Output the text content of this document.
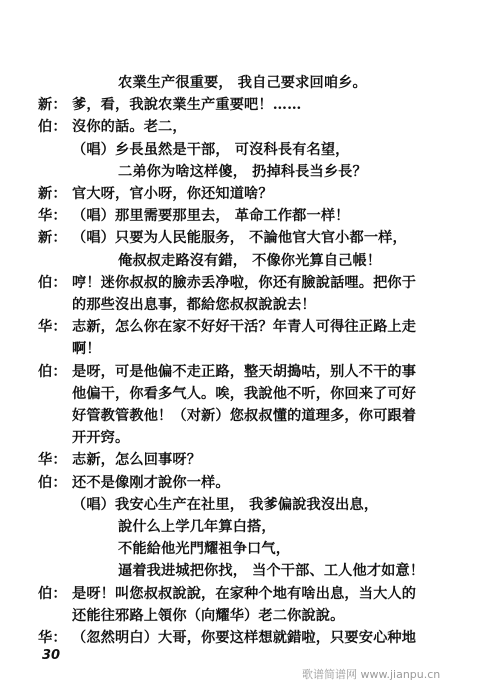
农業生产很重要， 我自己要求回咱乡。
新： 爹，看，我說农業生产重要吧！……
伯： 沒你的話。老二，
（唱）乡長虽然是干部， 可沒科長有名望，
二弟你为啥这样傻， 扔掉科長当乡長？
新： 官大呀，官小呀，你还知道啥？
华： （唱）那里需要那里去， 革命工作都一样！
新： （唱）只要为人民能服务， 不論他官大官小都一样，
俺叔叔走路沒有錯， 不像你光算自己帳！
伯： 哼！迷你叔叔的臉赤丢净啦，你还有臉說話哩。把你于
的那些沒出息事，都給您叔叔說說去！
华： 志新，怎么你在家不好好干活？年青人可得往正路上走
啊！
伯： 是呀，可是他偏不走正路，整天胡搗咕，别人不干的事
他偏干，你看多气人。唉，我說他不听，你回来了可好
好管教管教他！（对新）您叔叔懂的道理多，你可跟着
开开窍。
华： 志新，怎么回事呀？
伯： 还不是像刚才說你一样。
（唱）我安心生产在社里， 我爹偏說我沒出息，
說什么上学几年算白搭，
不能給他光門耀祖争口气，
逼着我进城把你找， 当个干部、工人他才如意！
伯： 是呀！叫您叔叔說說，在家种个地有啥出息，当大人的
还能往邪路上領你（向耀华）老二你說說。
华： （忽然明白）大哥，你要这样想就錯啦，只要安心种地
30
歌谱简谱网 www.jianpu.cn
